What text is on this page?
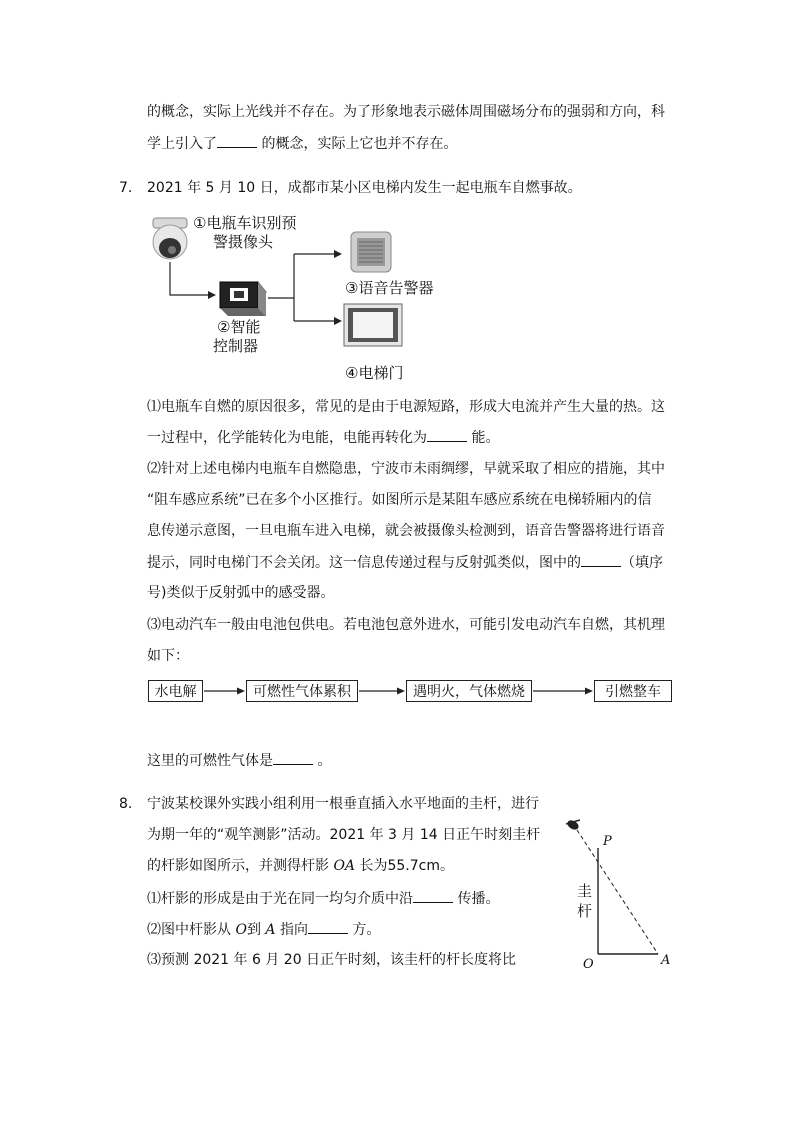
的概念，实际上光线并不存在。为了形象地表示磁体周围磁场分布的强弱和方向，科
学上引入了	的概念，实际上它也并不存在。
7. 2021 年 5 月 10 日，成都市某小区电梯内发生一起电瓶车自燃事故。
①电瓶车识别预
警摄像头
②智能
控制器
③语音告警器
④电梯门
⑴电瓶车自燃的原因很多，常见的是由于电源短路，形成大电流并产生大量的热。这
一过程中，化学能转化为电能，电能再转化为	能。
⑵针对上述电梯内电瓶车自燃隐患，宁波市未雨绸缪，早就采取了相应的措施，其中
“阻车感应系统”已在多个小区推行。如图所示是某阻车感应系统在电梯轿厢内的信
息传递示意图，一旦电瓶车进入电梯，就会被摄像头检测到，语音告警器将进行语音
提示，同时电梯门不会关闭。这一信息传递过程与反射弧类似，图中的	（填序
号)类似于反射弧中的感受器。
⑶电动汽车一般由电池包供电。若电池包意外进水，可能引发电动汽车自燃，其机理
如下：
水电解	可燃性气体累积	遇明火，气体燃烧	引燃整车
这里的可燃性气体是	。
8. 宁波某校课外实践小组利用一根垂直插入水平地面的圭杆，进行
为期一年的“观竿测影”活动。2021 年 3 月 14 日正午时刻圭杆
的杆影如图所示，并测得杆影 OA 长为55.7cm。
⑴杆影的形成是由于光在同一均匀介质中沿	传播。
⑵图中杆影从 O到 A 指向	方。
⑶预测 2021 年 6 月 20 日正午时刻，该圭杆的杆长度将比
P
圭
杆
O	A
